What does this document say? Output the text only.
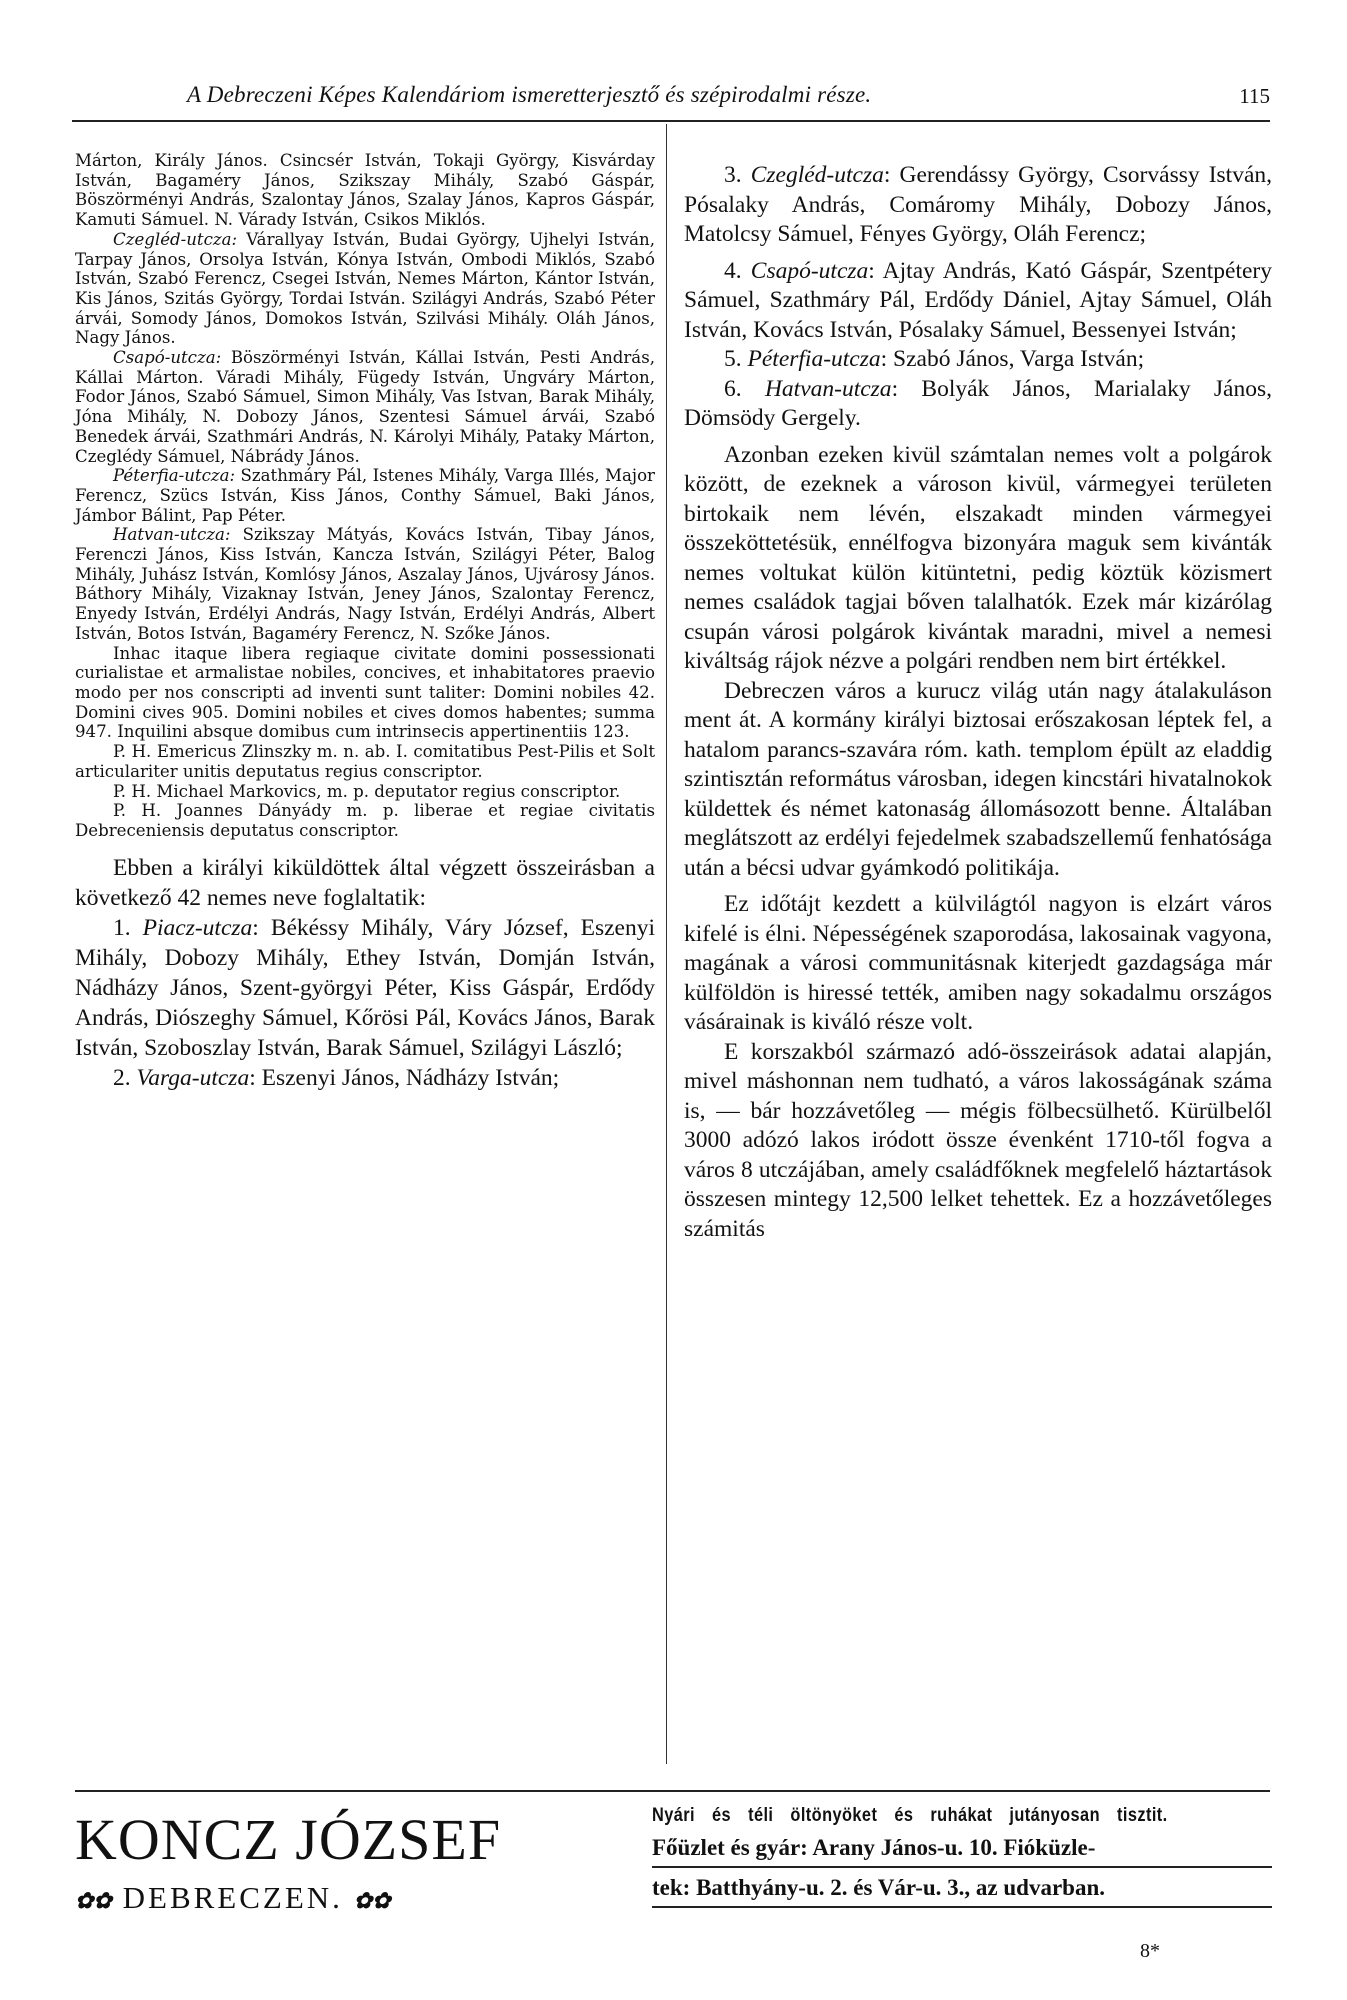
A Debreczeni Képes Kalendáriom ismeretterjesztő és szépirodalmi része.	115

Márton, Király János. Csincsér István, Tokaji György, Kisvárday István, Bagaméry János, Szikszay Mihály, Szabó Gáspár, Böszörményi András, Szalontay János, Szalay János, Kapros Gáspár, Kamuti Sámuel. N. Várady István, Csikos Miklós.

Czegléd-utcza: Várallyay István, Budai György, Ujhelyi István, Tarpay János, Orsolya István, Kónya István, Ombodi Miklós, Szabó István, Szabó Ferencz, Csegei István, Nemes Márton, Kántor István, Kis János, Szitás György, Tordai István. Szilágyi András, Szabó Péter árvái, Somody János, Domokos István, Szilvási Mihály. Oláh János, Nagy János.

Csapó-utcza: Böszörményi István, Kállai István, Pesti András, Kállai Márton. Váradi Mihály, Fügedy István, Ungváry Márton, Fodor János, Szabó Sámuel, Simon Mihály, Vas Istvan, Barak Mihály, Jóna Mihály, N. Dobozy János, Szentesi Sámuel árvái, Szabó Benedek árvái, Szathmári András, N. Károlyi Mihály, Pataky Márton, Czeglédy Sámuel, Nábrády János.

Péterfia-utcza: Szathmáry Pál, Istenes Mihály, Varga Illés, Major Ferencz, Szücs István, Kiss János, Conthy Sámuel, Baki János, Jámbor Bálint, Pap Péter.

Hatvan-utcza: Szikszay Mátyás, Kovács István, Tibay János, Ferenczi János, Kiss István, Kancza István, Szilágyi Péter, Balog Mihály, Juhász István, Komlósy János, Aszalay János, Ujvárosy János. Báthory Mihály, Vizaknay István, Jeney János, Szalontay Ferencz, Enyedy István, Erdélyi András, Nagy István, Erdélyi András, Albert István, Botos István, Bagaméry Ferencz, N. Szőke János.

Inhac itaque libera regiaque civitate domini possessionati curialistae et armalistae nobiles, concives, et inhabitatores praevio modo per nos conscripti ad inventi sunt taliter: Domini nobiles 42. Domini cives 905. Domini nobiles et cives domos habentes; summa 947. Inquilini absque domibus cum intrinsecis appertinentiis 123.

P. H. Emericus Zlinszky m. n. ab. I. comitatibus Pest-Pilis et Solt articulariter unitis deputatus regius conscriptor.

P. H. Michael Markovics, m. p. deputator regius conscriptor.

P. H. Joannes Dányády m. p. liberae et regiae civitatis Debreceniensis deputatus conscriptor.

Ebben a királyi kiküldöttek által végzett összeirásban a következő 42 nemes neve foglaltatik:

1. Piacz-utcza: Békéssy Mihály, Váry József, Eszenyi Mihály, Dobozy Mihály, Ethey István, Domján István, Nádházy János, Szent-györgyi Péter, Kiss Gáspár, Erdődy András, Diószeghy Sámuel, Kőrösi Pál, Kovács János, Barak István, Szoboszlay István, Barak Sámuel, Szilágyi László;

2. Varga-utcza: Eszenyi János, Nádházy István;

3. Czegléd-utcza: Gerendássy György, Csorvássy István, Pósalaky András, Comáromy Mihály, Dobozy János, Matolcsy Sámuel, Fényes György, Oláh Ferencz;

4. Csapó-utcza: Ajtay András, Kató Gáspár, Szentpétery Sámuel, Szathmáry Pál, Erdődy Dániel, Ajtay Sámuel, Oláh István, Kovács István, Pósalaky Sámuel, Bessenyei István;

5. Péterfia-utcza: Szabó János, Varga István;

6. Hatvan-utcza: Bolyák János, Marialaky János, Dömsödy Gergely.

Azonban ezeken kivül számtalan nemes volt a polgárok között, de ezeknek a városon kivül, vármegyei területen birtokaik nem lévén, elszakadt minden vármegyei összeköttetésük, ennélfogva bizonyára maguk sem kivánták nemes voltukat külön kitüntetni, pedig köztük közismert nemes családok tagjai bőven talalhatók. Ezek már kizárólag csupán városi polgárok kivántak maradni, mivel a nemesi kiváltság rájok nézve a polgári rendben nem birt értékkel.

Debreczen város a kurucz világ után nagy átalakuláson ment át. A kormány királyi biztosai erőszakosan léptek fel, a hatalom parancs-szavára róm. kath. templom épült az eladdig szintisztán református városban, idegen kincstári hivatalnokok küldettek és német katonaság állomásozott benne. Általában meglátszott az erdélyi fejedelmek szabadszellemű fenhatósága után a bécsi udvar gyámkodó politikája.

Ez időtájt kezdett a külvilágtól nagyon is elzárt város kifelé is élni. Népességének szaporodása, lakosainak vagyona, magának a városi communitásnak kiterjedt gazdagsága már külföldön is hiressé tették, amiben nagy sokadalmu országos vásárainak is kiváló része volt.

E korszakból származó adó-összeirások adatai alapján, mivel máshonnan nem tudható, a város lakosságának száma is, — bár hozzávetőleg — mégis fölbecsülhető. Kürülbelől 3000 adózó lakos iródott össze évenként 1710-től fogva a város 8 utczájában, amely családfőknek megfelelő háztartások összesen mintegy 12,500 lelket tehettek. Ez a hozzávetőleges számitás

KONCZ JÓZSEF
✿✿ DEBRECZEN. ✿✿
Nyári és téli öltönyöket és ruhákat jutányosan tisztit.
Főüzlet és gyár: Arany János-u. 10. Fióküzle-
tek: Batthyány-u. 2. és Vár-u. 3., az udvarban.
8*
